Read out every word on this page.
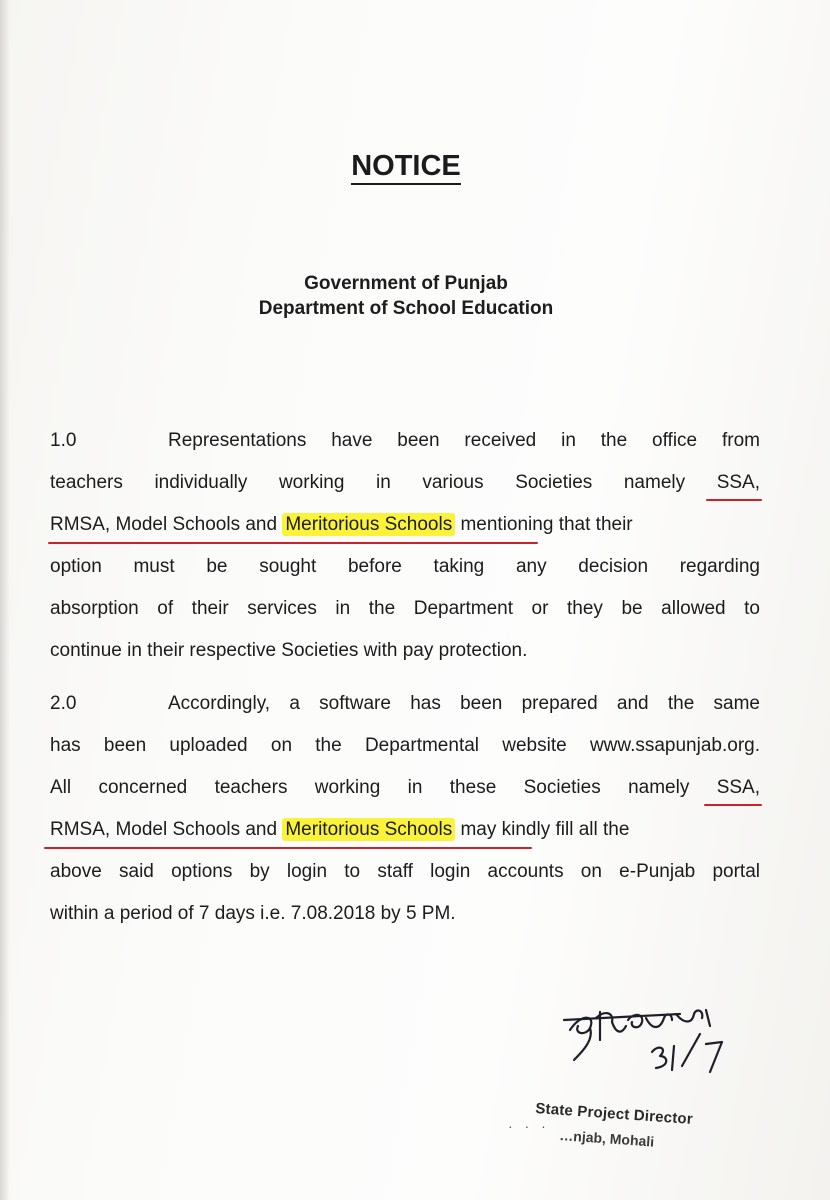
NOTICE
Government of Punjab
Department of School Education
1.0	Representations have been received in the office from
teachers individually working in various Societies namely SSA,
RMSA, Model Schools and Meritorious Schools mentioning that their
option must be sought before taking any decision regarding
absorption of their services in the Department or they be allowed to
continue in their respective Societies with pay protection.
2.0	Accordingly, a software has been prepared and the same
has been uploaded on the Departmental website www.ssapunjab.org.
All concerned teachers working in these Societies namely SSA,
RMSA, Model Schools and Meritorious Schools may kindly fill all the
above said options by login to staff login accounts on e-Punjab portal
within a period of 7 days i.e. 7.08.2018 by 5 PM.
· · ·
State Project Director
…njab, Mohali
